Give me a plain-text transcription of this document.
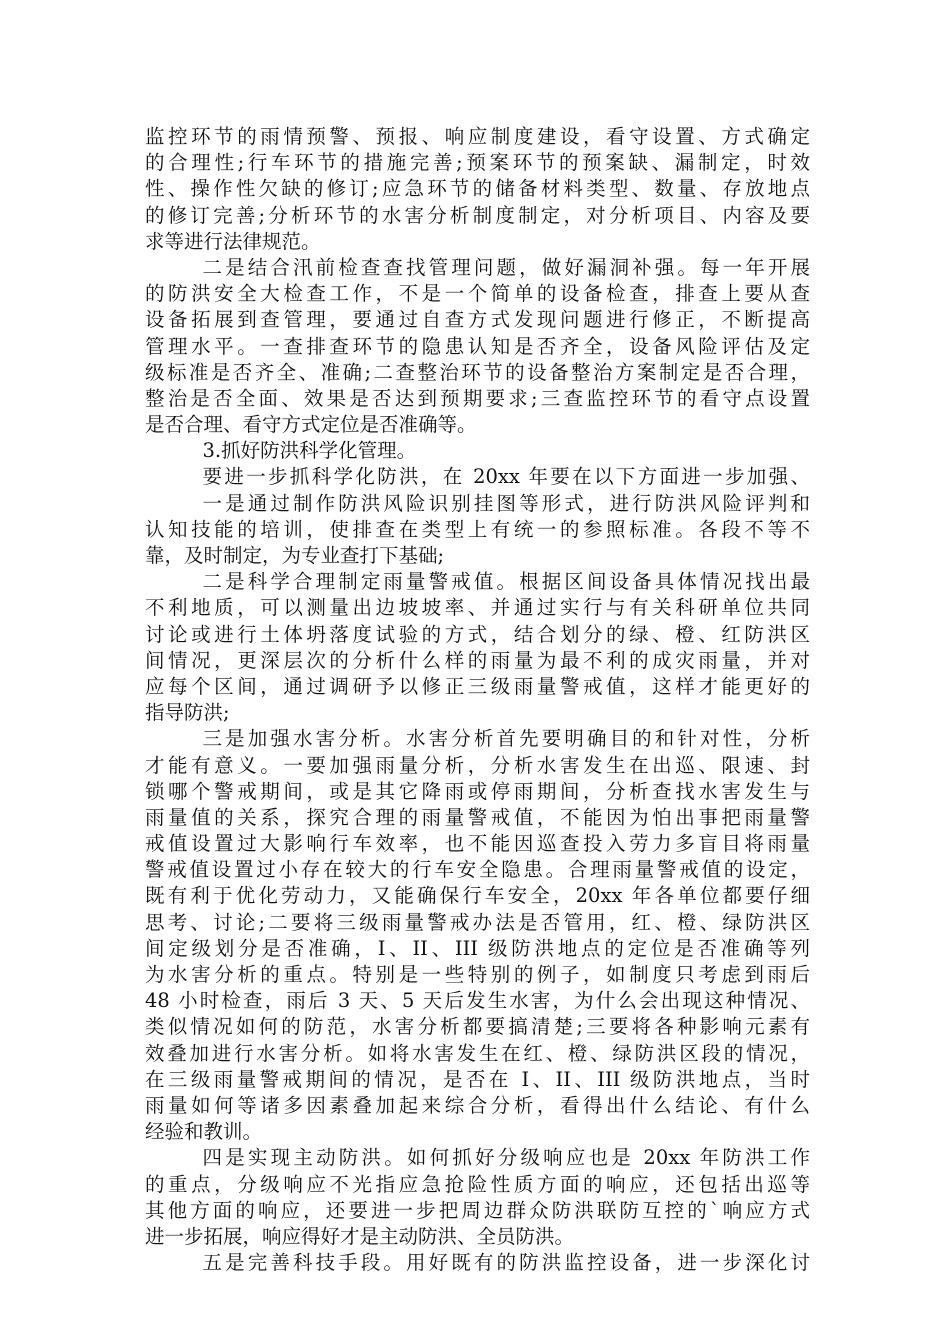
监控环节的雨情预警、预报、响应制度建设，看守设置、方式确定
的合理性;行车环节的措施完善;预案环节的预案缺、漏制定，时效
性、操作性欠缺的修订;应急环节的储备材料类型、数量、存放地点
的修订完善;分析环节的水害分析制度制定，对分析项目、内容及要
求等进行法律规范。
二是结合汛前检查查找管理问题，做好漏洞补强。每一年开展
的防洪安全大检查工作，不是一个简单的设备检查，排查上要从查
设备拓展到查管理，要通过自查方式发现问题进行修正，不断提高
管理水平。一查排查环节的隐患认知是否齐全，设备风险评估及定
级标准是否齐全、准确;二查整治环节的设备整治方案制定是否合理，
整治是否全面、效果是否达到预期要求;三查监控环节的看守点设置
是否合理、看守方式定位是否准确等。
3.抓好防洪科学化管理。
要进一步抓科学化防洪，在 20xx 年要在以下方面进一步加强、
一是通过制作防洪风险识别挂图等形式，进行防洪风险评判和
认知技能的培训，使排查在类型上有统一的参照标准。各段不等不
靠，及时制定，为专业查打下基础;
二是科学合理制定雨量警戒值。根据区间设备具体情况找出最
不利地质，可以测量出边坡坡率、并通过实行与有关科研单位共同
讨论或进行土体坍落度试验的方式，结合划分的绿、橙、红防洪区
间情况，更深层次的分析什么样的雨量为最不利的成灾雨量，并对
应每个区间，通过调研予以修正三级雨量警戒值，这样才能更好的
指导防洪;
三是加强水害分析。水害分析首先要明确目的和针对性，分析
才能有意义。一要加强雨量分析，分析水害发生在出巡、限速、封
锁哪个警戒期间，或是其它降雨或停雨期间，分析查找水害发生与
雨量值的关系，探究合理的雨量警戒值，不能因为怕出事把雨量警
戒值设置过大影响行车效率，也不能因巡查投入劳力多盲目将雨量
警戒值设置过小存在较大的行车安全隐患。合理雨量警戒值的设定，
既有利于优化劳动力，又能确保行车安全，20xx 年各单位都要仔细
思考、讨论;二要将三级雨量警戒办法是否管用，红、橙、绿防洪区
间定级划分是否准确，I、II、III 级防洪地点的定位是否准确等列
为水害分析的重点。特别是一些特别的例子，如制度只考虑到雨后
48 小时检查，雨后 3 天、5 天后发生水害，为什么会出现这种情况、
类似情况如何的防范，水害分析都要搞清楚;三要将各种影响元素有
效叠加进行水害分析。如将水害发生在红、橙、绿防洪区段的情况，
在三级雨量警戒期间的情况，是否在 I、II、III 级防洪地点，当时
雨量如何等诸多因素叠加起来综合分析，看得出什么结论、有什么
经验和教训。
四是实现主动防洪。如何抓好分级响应也是 20xx 年防洪工作
的重点，分级响应不光指应急抢险性质方面的响应，还包括出巡等
其他方面的响应，还要进一步把周边群众防洪联防互控的`响应方式
进一步拓展，响应得好才是主动防洪、全员防洪。
五是完善科技手段。用好既有的防洪监控设备，进一步深化讨
